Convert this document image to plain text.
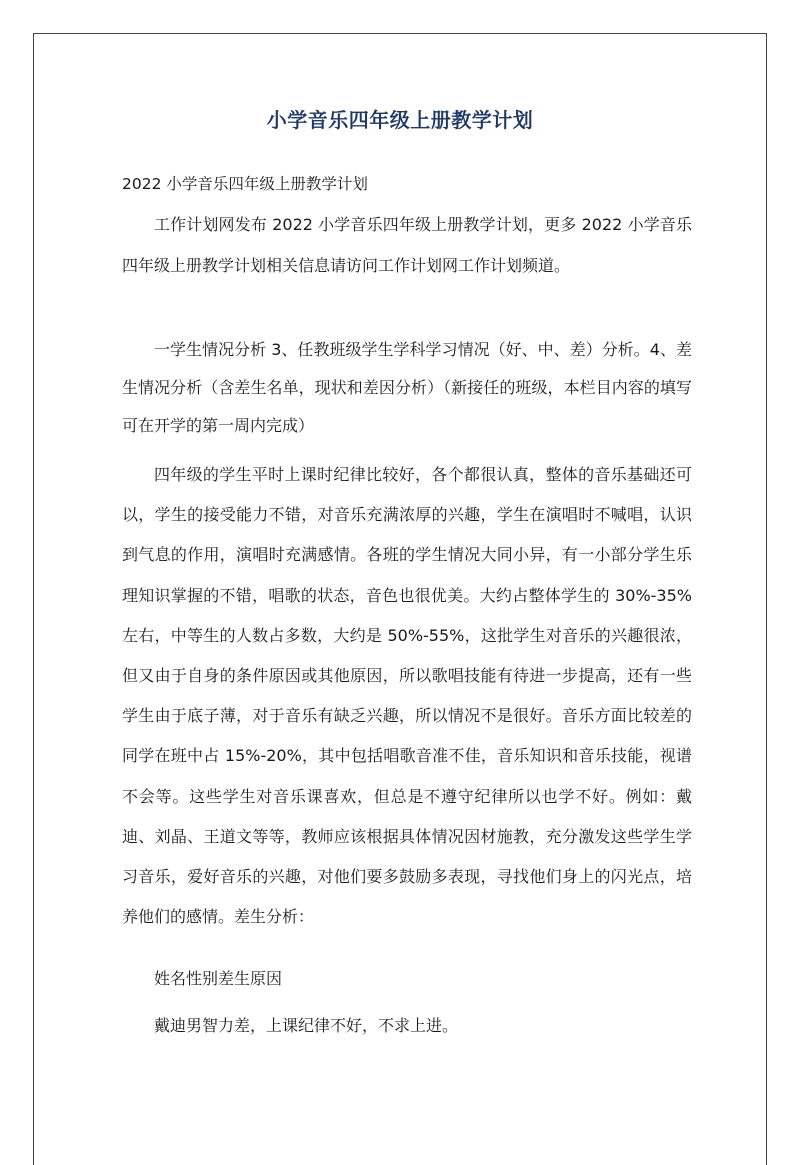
小学音乐四年级上册教学计划
2022 小学音乐四年级上册教学计划

工作计划网发布 2022 小学音乐四年级上册教学计划，更多 2022 小学音乐四年级上册教学计划相关信息请访问工作计划网工作计划频道。

一学生情况分析 3、任教班级学生学科学习情况（好、中、差）分析。4、差生情况分析（含差生名单，现状和差因分析）（新接任的班级，本栏目内容的填写可在开学的第一周内完成）

四年级的学生平时上课时纪律比较好，各个都很认真，整体的音乐基础还可以，学生的接受能力不错，对音乐充满浓厚的兴趣，学生在演唱时不喊唱，认识到气息的作用，演唱时充满感情。各班的学生情况大同小异，有一小部分学生乐理知识掌握的不错，唱歌的状态，音色也很优美。大约占整体学生的 30%-35%左右，中等生的人数占多数，大约是 50%-55%，这批学生对音乐的兴趣很浓，但又由于自身的条件原因或其他原因，所以歌唱技能有待进一步提高，还有一些学生由于底子薄，对于音乐有缺乏兴趣，所以情况不是很好。音乐方面比较差的同学在班中占 15%-20%，其中包括唱歌音准不佳，音乐知识和音乐技能，视谱不会等。这些学生对音乐课喜欢，但总是不遵守纪律所以也学不好。例如：戴迪、刘晶、王道文等等，教师应该根据具体情况因材施教，充分激发这些学生学习音乐，爱好音乐的兴趣，对他们要多鼓励多表现，寻找他们身上的闪光点，培养他们的感情。差生分析：

姓名性别差生原因
戴迪男智力差，上课纪律不好，不求上进。
